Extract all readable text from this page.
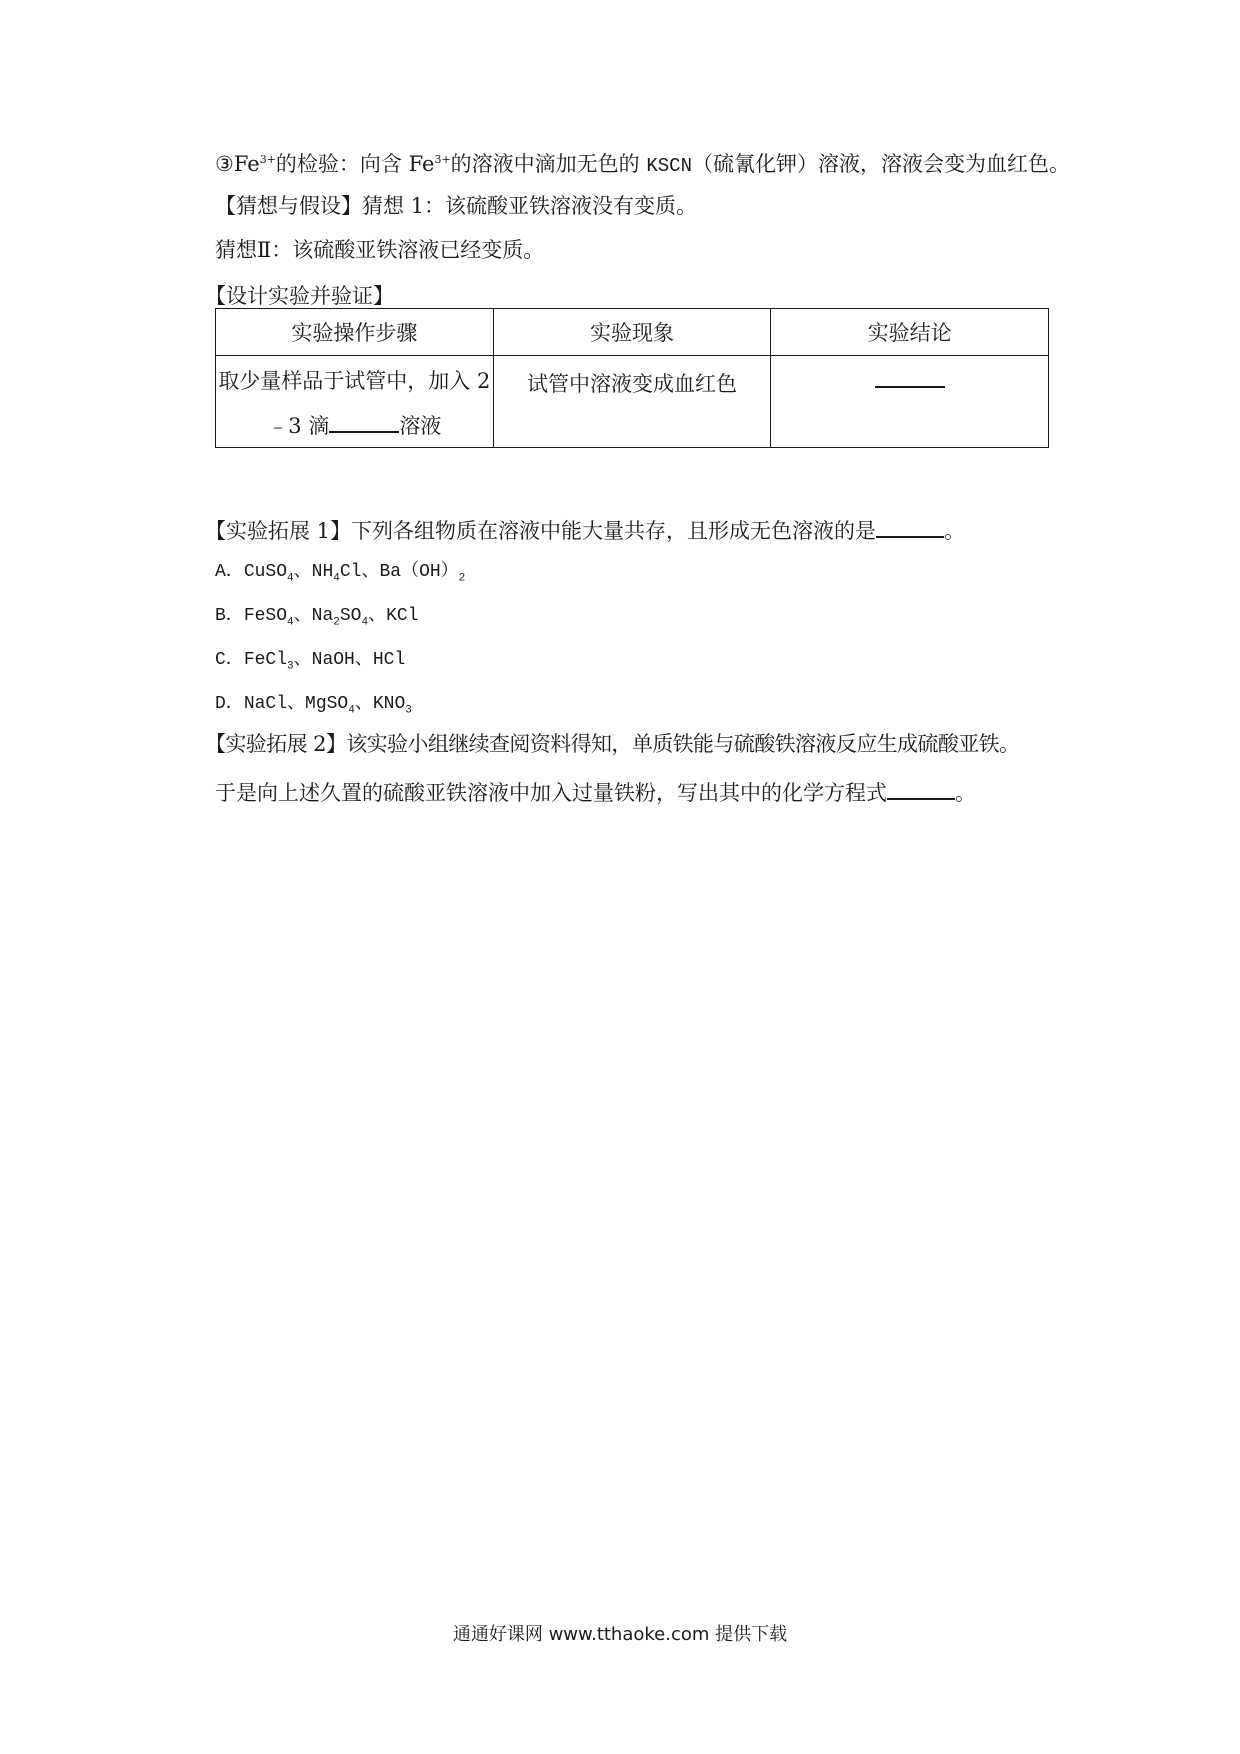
$③Fe^{3+}$的检验：向含 $Fe^{3+}$的溶液中滴加无色的 KSCN（硫氰化钾）溶液，溶液会变为血红色。

【猜想与假设】猜想 1：该硫酸亚铁溶液没有变质。

猜想Ⅱ：该硫酸亚铁溶液已经变质。

【设计实验并验证】

实验操作步骤	实验现象	实验结论

取少量样品于试管中，加入 2
﹣3 滴 溶液	试管中溶液变成血红色	

【实验拓展 1】下列各组物质在溶液中能大量共存，且形成无色溶液的是	。

A．CuSO$_4$、$NH_4Cl$、$Ba(OH)_2$

B．FeSO$_4$、$Na_2SO_4$、KCl

C．FeCl$_3$、NaOH、HCl

D．NaCl、MgSO$_4$、$KNO_3$

【实验拓展 2】该实验小组继续查阅资料得知，单质铁能与硫酸铁溶液反应生成硫酸亚铁。

于是向上述久置的硫酸亚铁溶液中加入过量铁粉，写出其中的化学方程式	。

通通好课网 www.tthaoke.com 提供下载
